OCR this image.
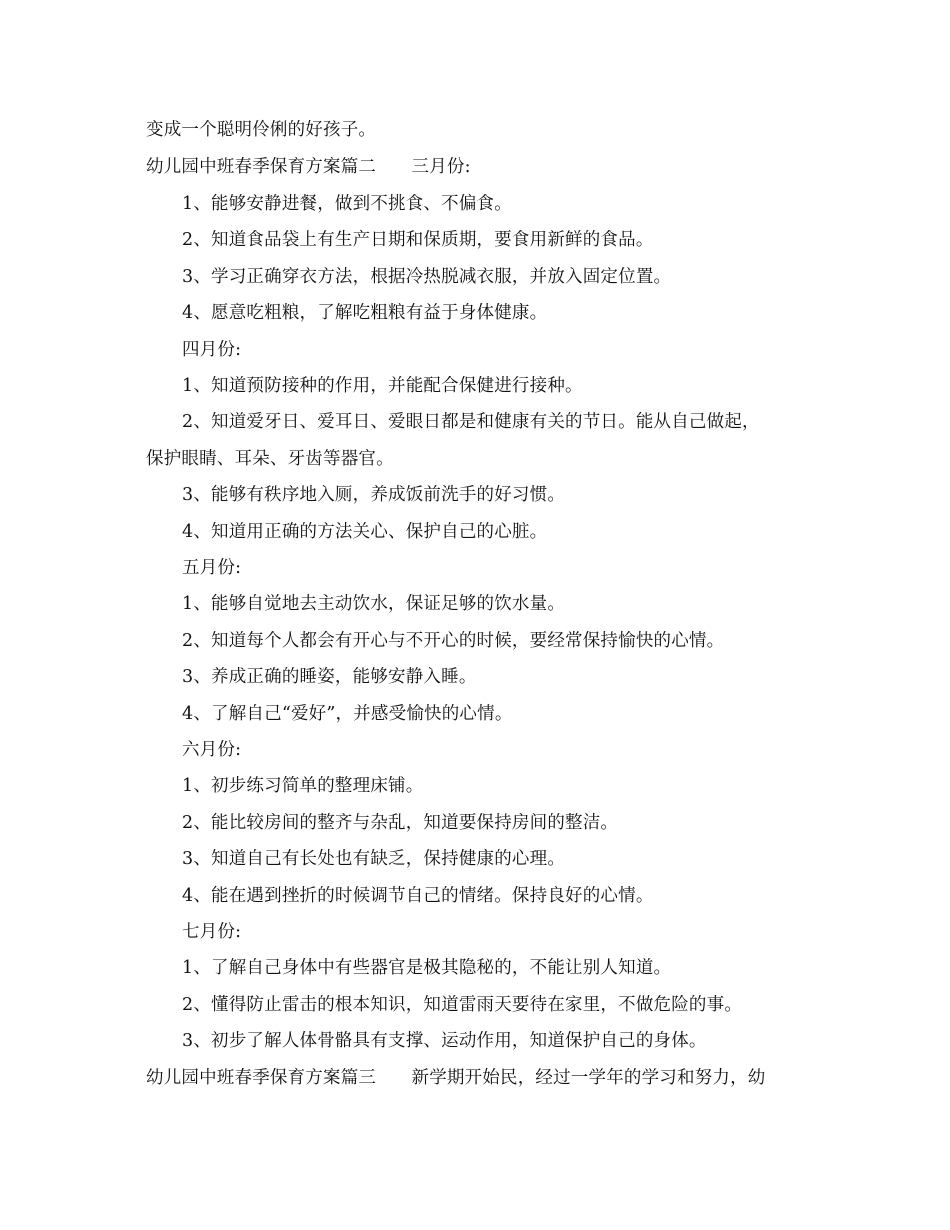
变成一个聪明伶俐的好孩子。
幼儿园中班春季保育方案篇二　　三月份:
1、能够安静进餐，做到不挑食、不偏食。
2、知道食品袋上有生产日期和保质期，要食用新鲜的食品。
3、学习正确穿衣方法，根据冷热脱减衣服，并放入固定位置。
4、愿意吃粗粮，了解吃粗粮有益于身体健康。
四月份:
1、知道预防接种的作用，并能配合保健进行接种。
2、知道爱牙日、爱耳日、爱眼日都是和健康有关的节日。能从自己做起，
保护眼睛、耳朵、牙齿等器官。
3、能够有秩序地入厕，养成饭前洗手的好习惯。
4、知道用正确的方法关心、保护自己的心脏。
五月份:
1、能够自觉地去主动饮水，保证足够的饮水量。
2、知道每个人都会有开心与不开心的时候，要经常保持愉快的心情。
3、养成正确的睡姿，能够安静入睡。
4、了解自己“爱好”，并感受愉快的心情。
六月份:
1、初步练习简单的整理床铺。
2、能比较房间的整齐与杂乱，知道要保持房间的整洁。
3、知道自己有长处也有缺乏，保持健康的心理。
4、能在遇到挫折的时候调节自己的情绪。保持良好的心情。
七月份:
1、了解自己身体中有些器官是极其隐秘的，不能让别人知道。
2、懂得防止雷击的根本知识，知道雷雨天要待在家里，不做危险的事。
3、初步了解人体骨骼具有支撑、运动作用，知道保护自己的身体。
幼儿园中班春季保育方案篇三　　新学期开始民，经过一学年的学习和努力，幼
